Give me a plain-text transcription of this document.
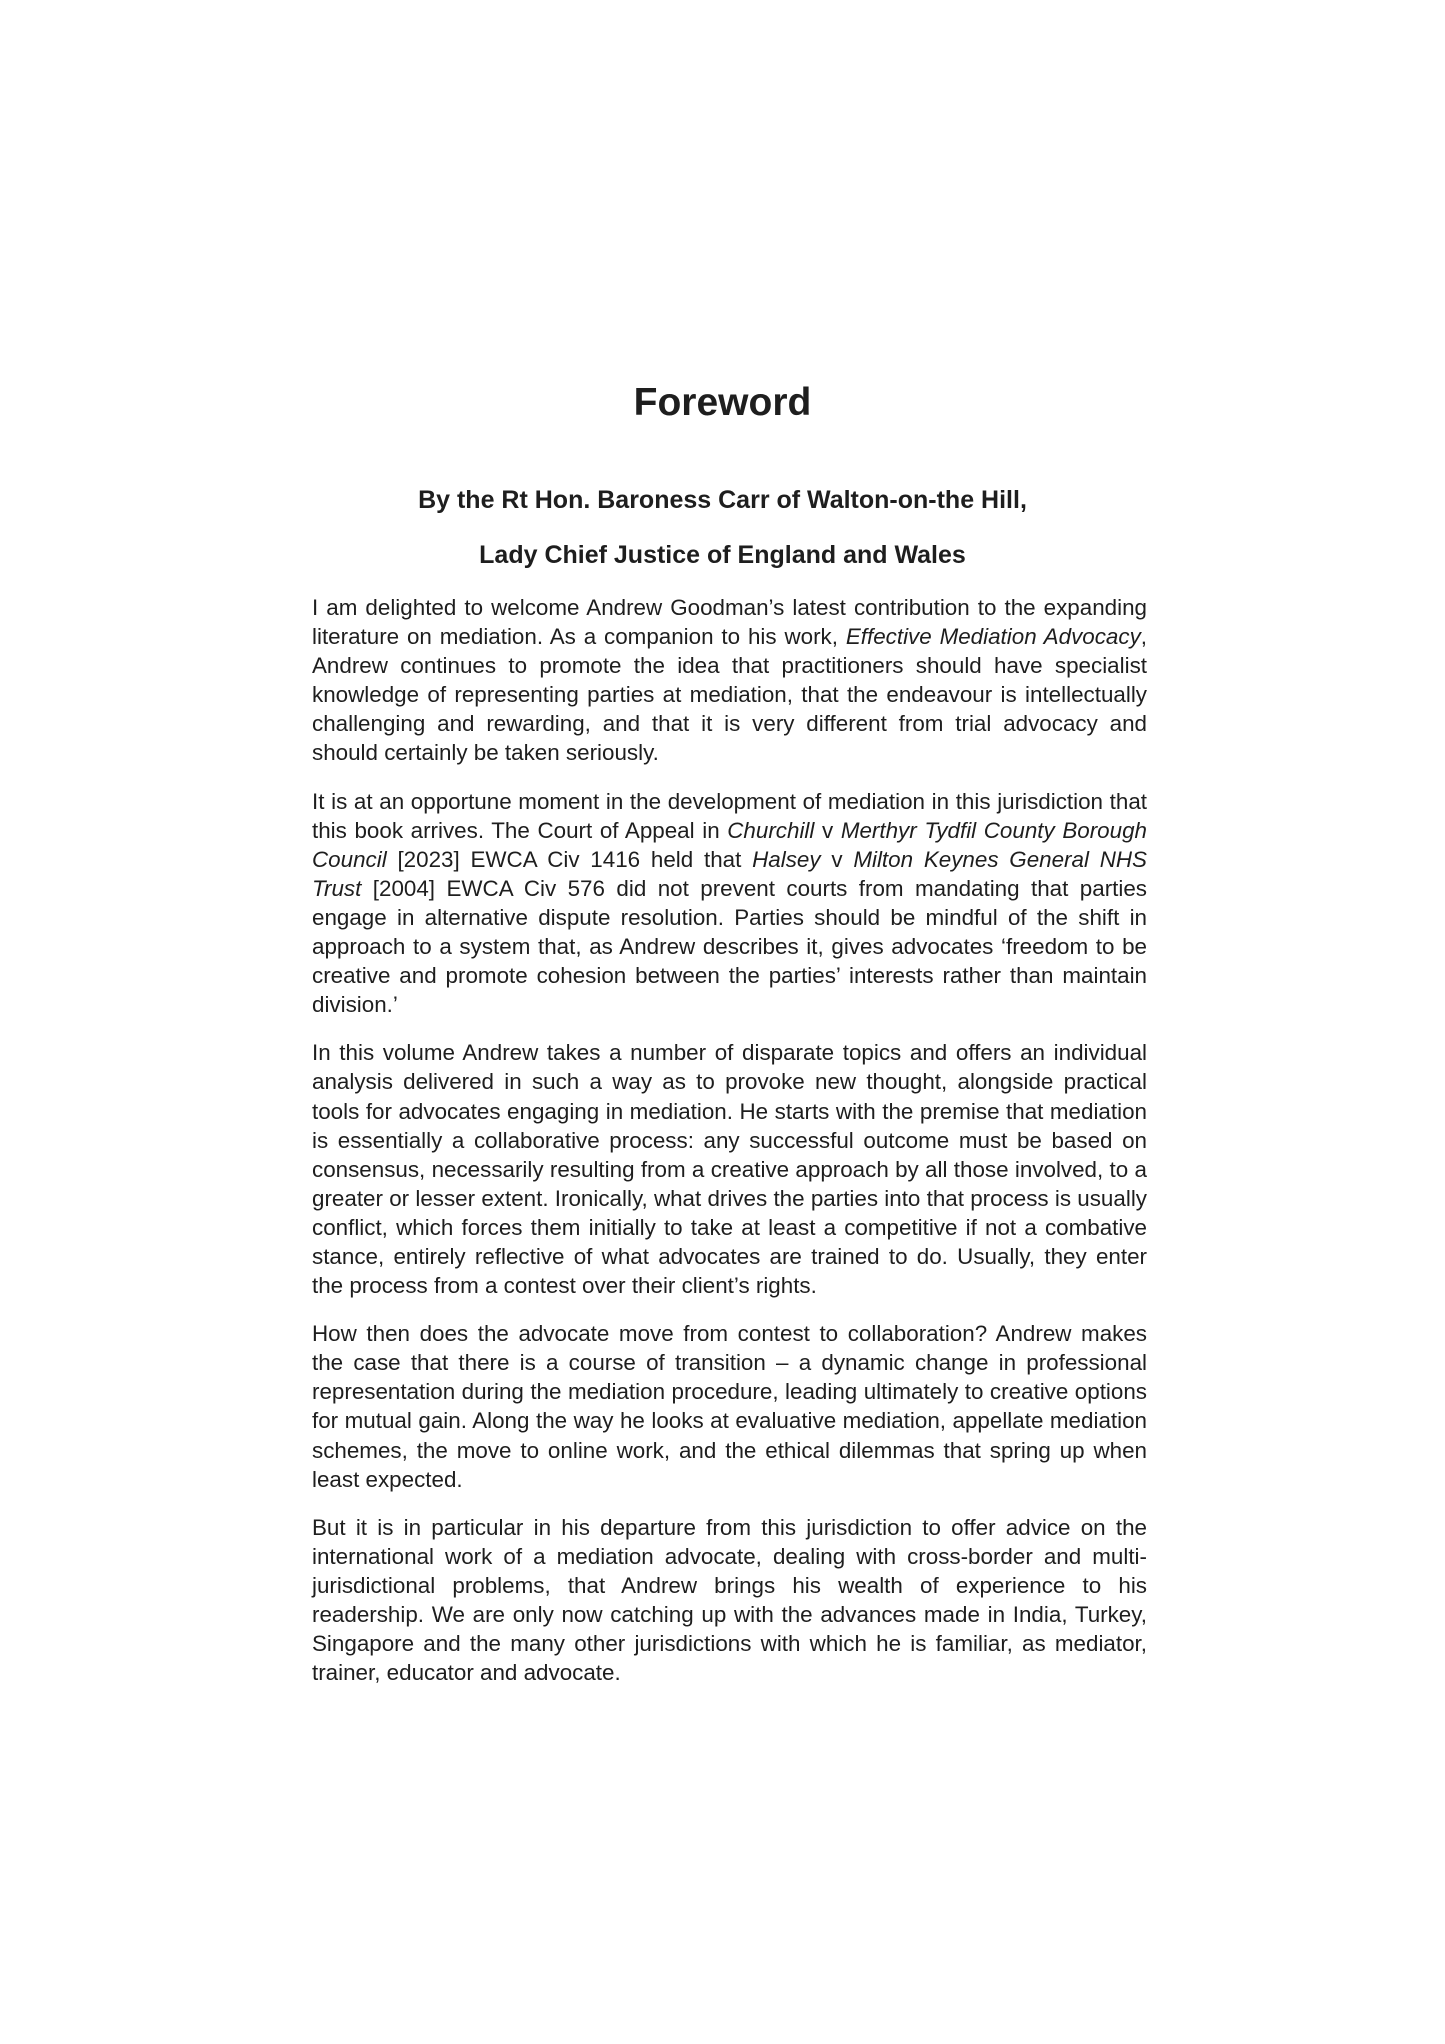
Foreword

By the Rt Hon. Baroness Carr of Walton-on-the Hill,

Lady Chief Justice of England and Wales

I am delighted to welcome Andrew Goodman’s latest contribution to the expanding literature on mediation. As a companion to his work, Effective Mediation Advocacy, Andrew continues to promote the idea that practitioners should have specialist knowledge of representing parties at mediation, that the endeavour is intellectually challenging and rewarding, and that it is very different from trial advocacy and should certainly be taken seriously.

It is at an opportune moment in the development of mediation in this jurisdiction that this book arrives. The Court of Appeal in Churchill v Merthyr Tydfil County Borough Council [2023] EWCA Civ 1416 held that Halsey v Milton Keynes General NHS Trust [2004] EWCA Civ 576 did not prevent courts from mandating that parties engage in alternative dispute resolution. Parties should be mindful of the shift in approach to a system that, as Andrew describes it, gives advocates ‘freedom to be creative and promote cohesion between the parties’ interests rather than maintain division.’

In this volume Andrew takes a number of disparate topics and offers an individual analysis delivered in such a way as to provoke new thought, alongside practical tools for advocates engaging in mediation. He starts with the premise that mediation is essentially a collaborative process: any successful outcome must be based on consensus, necessarily resulting from a creative approach by all those involved, to a greater or lesser extent. Ironically, what drives the parties into that process is usually conflict, which forces them initially to take at least a competitive if not a combative stance, entirely reflective of what advocates are trained to do. Usually, they enter the process from a contest over their client’s rights.

How then does the advocate move from contest to collaboration? Andrew makes the case that there is a course of transition – a dynamic change in professional representation during the mediation procedure, leading ultimately to creative options for mutual gain. Along the way he looks at evaluative mediation, appellate mediation schemes, the move to online work, and the ethical dilemmas that spring up when least expected.

But it is in particular in his departure from this jurisdiction to offer advice on the international work of a mediation advocate, dealing with cross-border and multi-jurisdictional problems, that Andrew brings his wealth of experience to his readership. We are only now catching up with the advances made in India, Turkey, Singapore and the many other jurisdictions with which he is familiar, as mediator, trainer, educator and advocate.
